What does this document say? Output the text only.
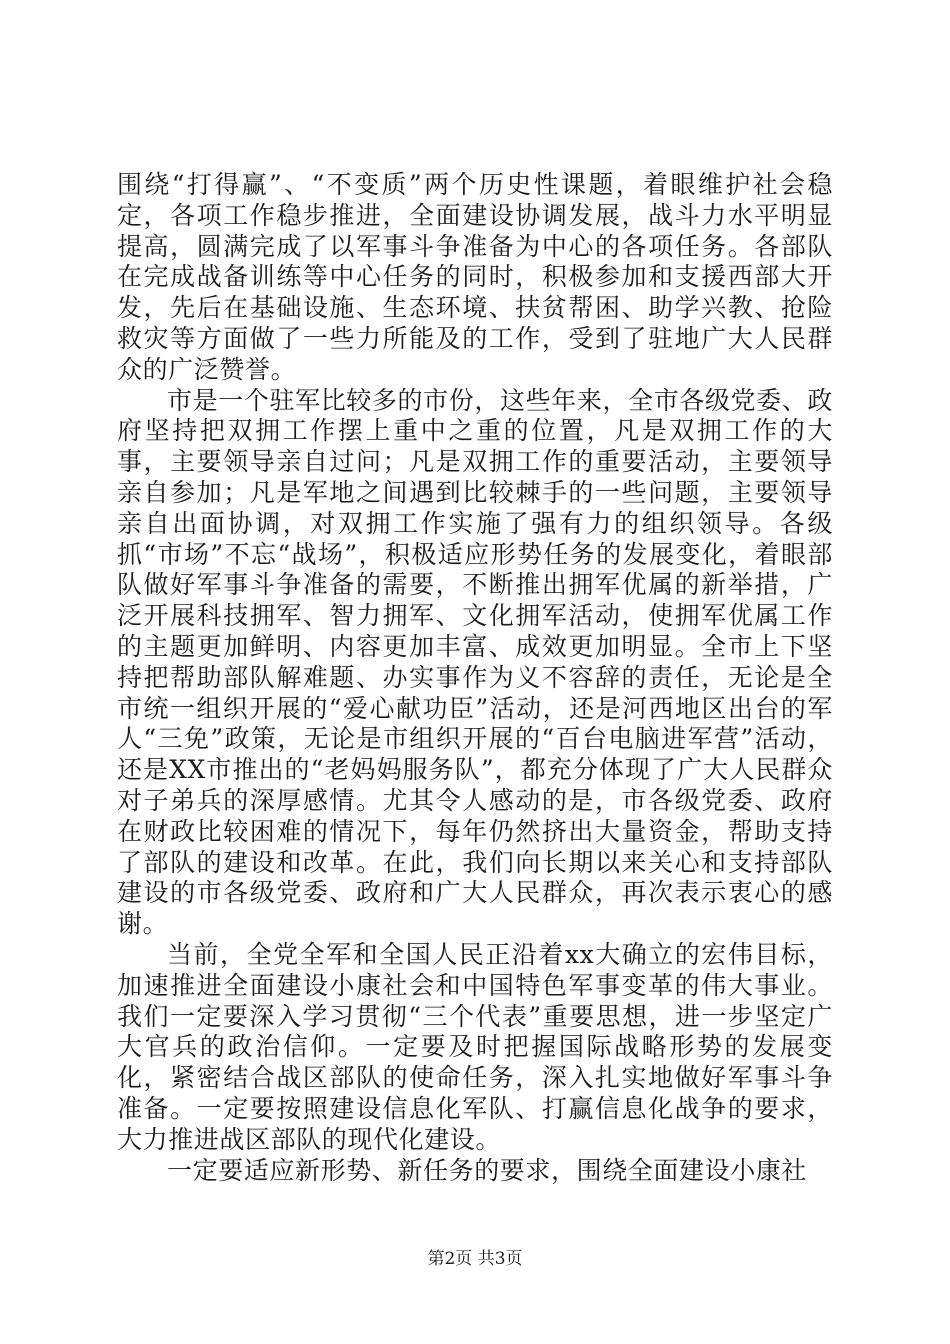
围绕“打得赢”、“不变质”两个历史性课题，着眼维护社会稳定，各项工作稳步推进，全面建设协调发展，战斗力水平明显提高，圆满完成了以军事斗争准备为中心的各项任务。各部队在完成战备训练等中心任务的同时，积极参加和支援西部大开发，先后在基础设施、生态环境、扶贫帮困、助学兴教、抢险救灾等方面做了一些力所能及的工作，受到了驻地广大人民群众的广泛赞誉。

市是一个驻军比较多的市份，这些年来，全市各级党委、政府坚持把双拥工作摆上重中之重的位置，凡是双拥工作的大事，主要领导亲自过问；凡是双拥工作的重要活动，主要领导亲自参加；凡是军地之间遇到比较棘手的一些问题，主要领导亲自出面协调，对双拥工作实施了强有力的组织领导。各级抓“市场”不忘“战场”，积极适应形势任务的发展变化，着眼部队做好军事斗争准备的需要，不断推出拥军优属的新举措，广泛开展科技拥军、智力拥军、文化拥军活动，使拥军优属工作的主题更加鲜明、内容更加丰富、成效更加明显。全市上下坚持把帮助部队解难题、办实事作为义不容辞的责任，无论是全市统一组织开展的“爱心献功臣”活动，还是河西地区出台的军人“三免”政策，无论是市组织开展的“百台电脑进军营”活动，还是XX市推出的“老妈妈服务队”，都充分体现了广大人民群众对子弟兵的深厚感情。尤其令人感动的是，市各级党委、政府在财政比较困难的情况下，每年仍然挤出大量资金，帮助支持了部队的建设和改革。在此，我们向长期以来关心和支持部队建设的市各级党委、政府和广大人民群众，再次表示衷心的感谢。

当前，全党全军和全国人民正沿着xx大确立的宏伟目标，加速推进全面建设小康社会和中国特色军事变革的伟大事业。我们一定要深入学习贯彻“三个代表”重要思想，进一步坚定广大官兵的政治信仰。一定要及时把握国际战略形势的发展变化，紧密结合战区部队的使命任务，深入扎实地做好军事斗争准备。一定要按照建设信息化军队、打赢信息化战争的要求，大力推进战区部队的现代化建设。

一定要适应新形势、新任务的要求，围绕全面建设小康社

第2页 共3页
